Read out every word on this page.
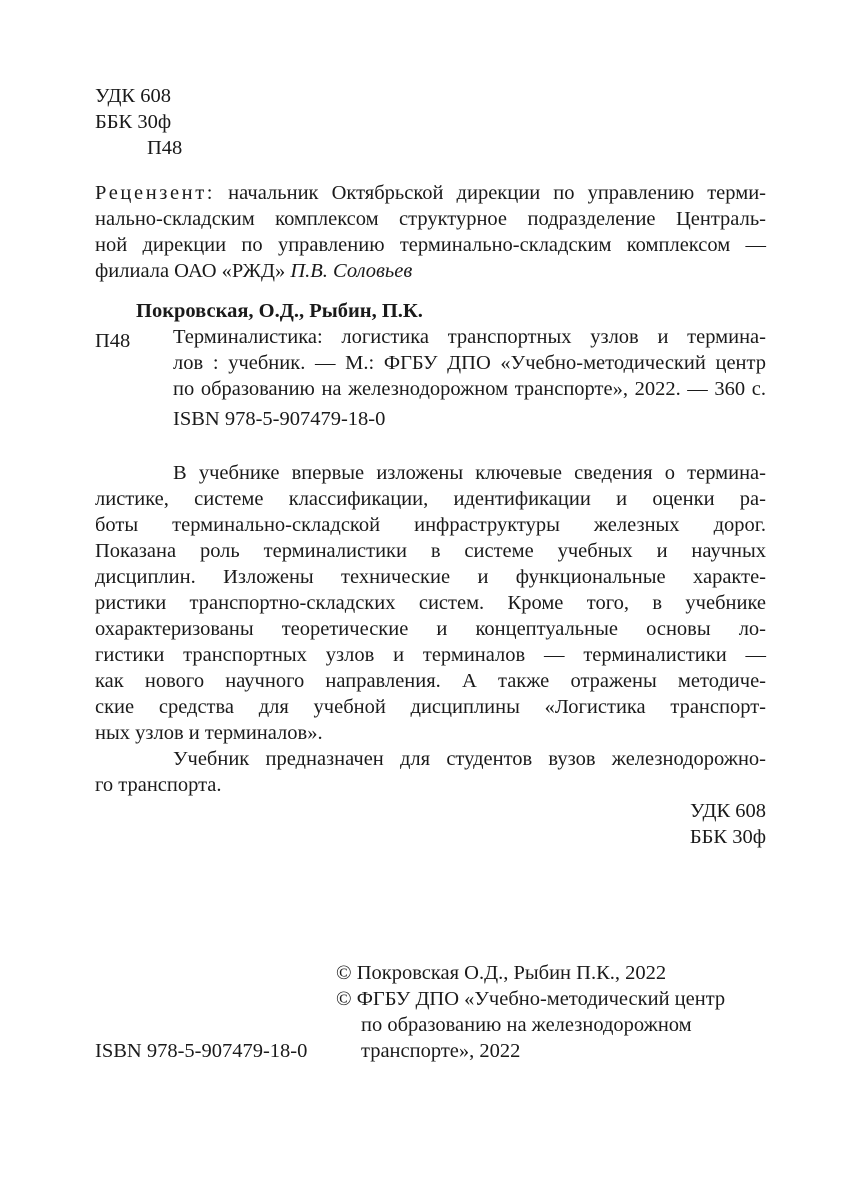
УДК 608
ББК 30ф
П48
Рецензент: начальник Октябрьской дирекции по управлению терми-
нально-складским комплексом структурное подразделение Централь-
ной дирекции по управлению терминально-складским комплексом —
филиала ОАО «РЖД» П.В. Соловьев
Покровская, О.Д., Рыбин, П.К.
П48 Терминалистика: логистика транспортных узлов и термина-
лов : учебник. — М.: ФГБУ ДПО «Учебно-методический центр
по образованию на железнодорожном транспорте», 2022. — 360 с.
ISBN 978-5-907479-18-0
В учебнике впервые изложены ключевые сведения о термина-
листике, системе классификации, идентификации и оценки ра-
боты терминально-складской инфраструктуры железных дорог.
Показана роль терминалистики в системе учебных и научных
дисциплин. Изложены технические и функциональные характе-
ристики транспортно-складских систем. Кроме того, в учебнике
охарактеризованы теоретические и концептуальные основы ло-
гистики транспортных узлов и терминалов — терминалистики —
как нового научного направления. А также отражены методиче-
ские средства для учебной дисциплины «Логистика транспорт-
ных узлов и терминалов».
Учебник предназначен для студентов вузов железнодорожно-
го транспорта.
УДК 608
ББК 30ф
© Покровская О.Д., Рыбин П.К., 2022
© ФГБУ ДПО «Учебно-методический центр
по образованию на железнодорожном
транспорте», 2022
ISBN 978-5-907479-18-0
